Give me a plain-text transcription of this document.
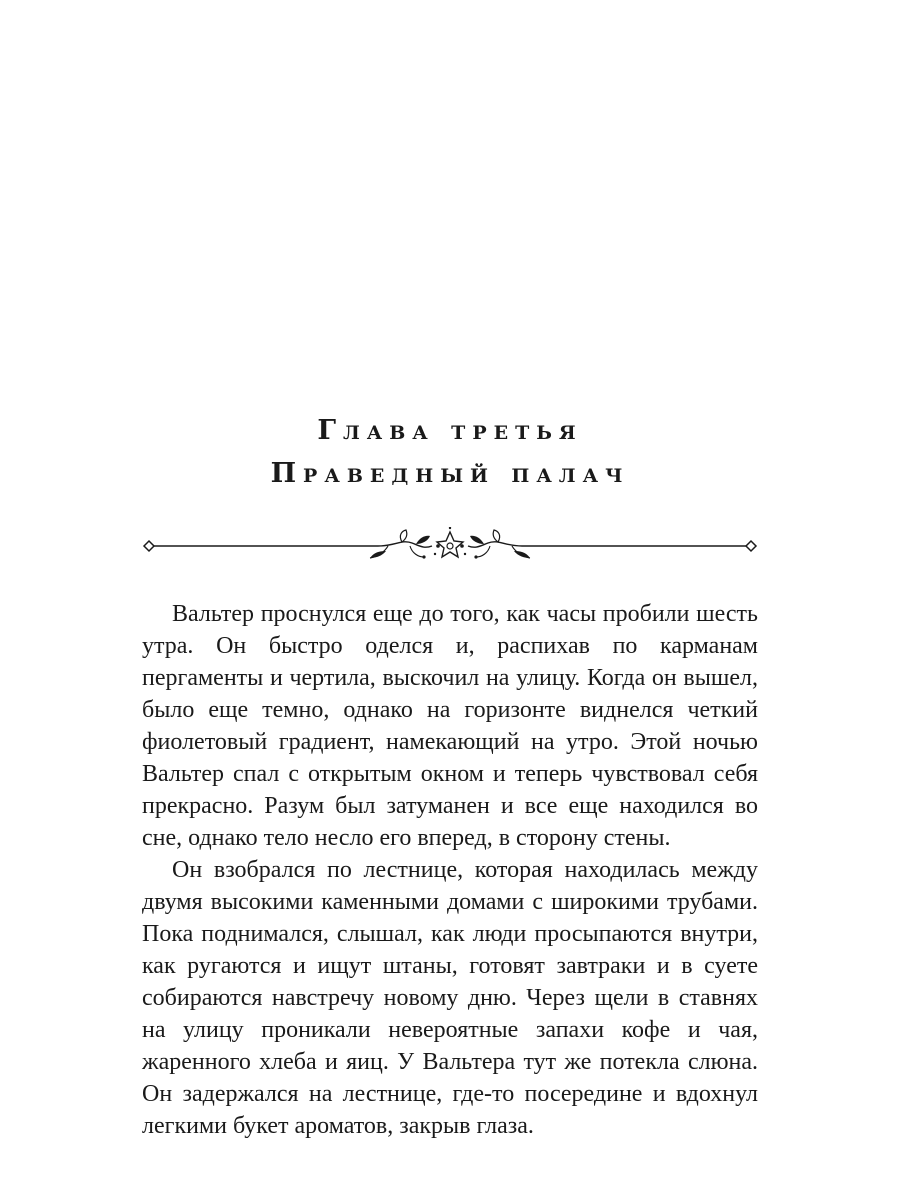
Глава третья
Праведный палач

Вальтер проснулся еще до того, как часы пробили шесть утра. Он быстро оделся и, распихав по карманам пергаменты и чертила, выскочил на улицу. Когда он вышел, было еще темно, однако на горизонте виднелся четкий фиолетовый градиент, намекающий на утро. Этой ночью Вальтер спал с открытым окном и теперь чувствовал себя прекрасно. Разум был затуманен и все еще находился во сне, однако тело несло его вперед, в сторону стены.

Он взобрался по лестнице, которая находилась между двумя высокими каменными домами с широкими трубами. Пока поднимался, слышал, как люди просыпаются внутри, как ругаются и ищут штаны, готовят завтраки и в суете собираются навстречу новому дню. Через щели в ставнях на улицу проникали невероятные запахи кофе и чая, жаренного хлеба и яиц. У Вальтера тут же потекла слюна. Он задержался на лестнице, где-то посередине и вдохнул легкими букет ароматов, закрыв глаза.
